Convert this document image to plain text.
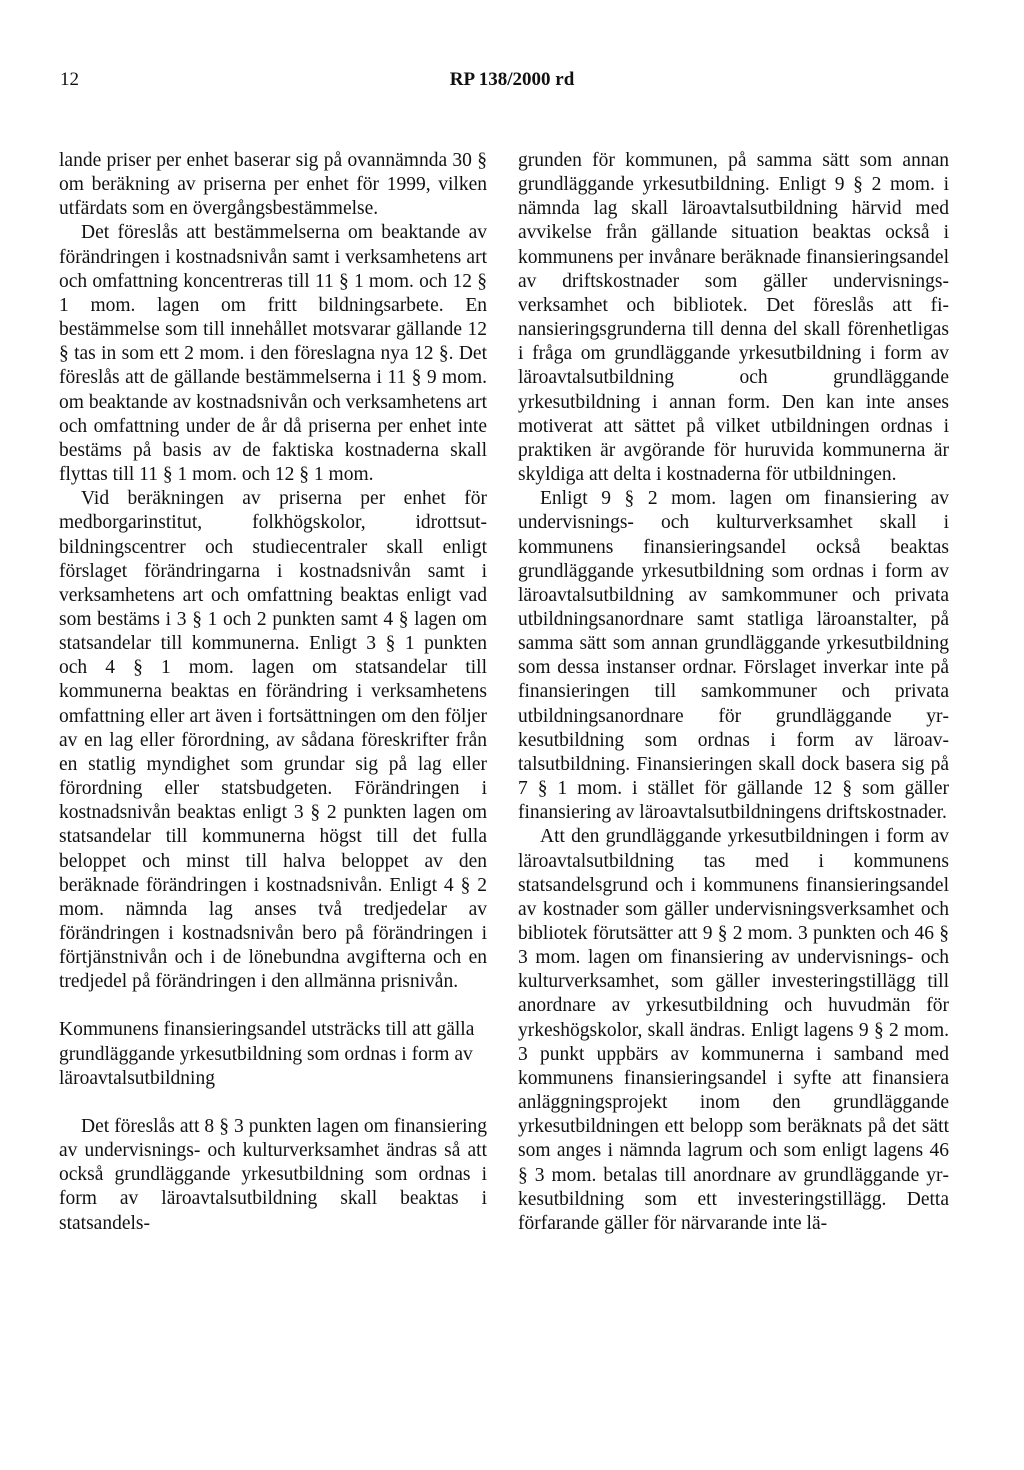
12	RP 138/2000 rd

lande priser per enhet baserar sig på ovannämnda 30 § om beräkning av priserna per enhet för 1999, vilken utfärdats som en övergångsbestämmelse.

Det föreslås att bestämmelserna om beaktande av förändringen i kostnadsnivån samt i verksamhetens art och omfattning koncentreras till 11 § 1 mom. och 12 § 1 mom. lagen om fritt bildningsarbete. En bestämmelse som till innehållet motsvarar gällande 12 § tas in som ett 2 mom. i den föreslagna nya 12 §. Det föreslås att de gällande bestämmelserna i 11 § 9 mom. om beaktande av kostnadsnivån och verksamhetens art och omfattning under de år då priserna per enhet inte bestäms på basis av de faktiska kostnaderna skall flyttas till 11 § 1 mom. och 12 § 1 mom.

Vid beräkningen av priserna per enhet för medborgarinstitut, folkhögskolor, idrottsutbildningscentrer och studiecentraler skall enligt förslaget förändringarna i kostnadsnivån samt i verksamhetens art och omfattning beaktas enligt vad som bestäms i 3 § 1 och 2 punkten samt 4 § lagen om statsandelar till kommunerna. Enligt 3 § 1 punkten och 4 § 1 mom. lagen om statsandelar till kommunerna beaktas en förändring i verksamhetens omfattning eller art även i fortsättningen om den följer av en lag eller förordning, av sådana föreskrifter från en statlig myndighet som grundar sig på lag eller förordning eller statsbudgeten. Förändringen i kostnadsnivån beaktas enligt 3 § 2 punkten lagen om statsandelar till kommunerna högst till det fulla beloppet och minst till halva beloppet av den beräknade förändringen i kostnadsnivån. Enligt 4 § 2 mom. nämnda lag anses två tredjedelar av förändringen i kostnadsnivån bero på förändringen i förtjänstnivån och i de lönebundna avgifterna och en tredjedel på förändringen i den allmänna prisnivån.

Kommunens finansieringsandel utsträcks till att gälla grundläggande yrkesutbildning som ordnas i form av läroavtalsutbildning

Det föreslås att 8 § 3 punkten lagen om finansiering av undervisnings- och kulturverksamhet ändras så att också grundläggande yrkesutbildning som ordnas i form av läroavtalsutbildning skall beaktas i statsandels-

grunden för kommunen, på samma sätt som annan grundläggande yrkesutbildning. Enligt 9 § 2 mom. i nämnda lag skall läroavtalsutbildning härvid med avvikelse från gällande situation beaktas också i kommunens per invånare beräknade finansieringsandel av driftskostnader som gäller undervisningsverksamhet och bibliotek. Det föreslås att finansieringsgrunderna till denna del skall förenhetligas i fråga om grundläggande yrkesutbildning i form av läroavtalsutbildning och grundläggande yrkesutbildning i annan form. Den kan inte anses motiverat att sättet på vilket utbildningen ordnas i praktiken är avgörande för huruvida kommunerna är skyldiga att delta i kostnaderna för utbildningen.

Enligt 9 § 2 mom. lagen om finansiering av undervisnings- och kulturverksamhet skall i kommunens finansieringsandel också beaktas grundläggande yrkesutbildning som ordnas i form av läroavtalsutbildning av samkommuner och privata utbildningsanordnare samt statliga läroanstalter, på samma sätt som annan grundläggande yrkesutbildning som dessa instanser ordnar. Förslaget inverkar inte på finansieringen till samkommuner och privata utbildningsanordnare för grundläggande yrkesutbildning som ordnas i form av läroavtalsutbildning. Finansieringen skall dock basera sig på 7 § 1 mom. i stället för gällande 12 § som gäller finansiering av läroavtalsutbildningens driftskostnader.

Att den grundläggande yrkesutbildningen i form av läroavtalsutbildning tas med i kommunens statsandelsgrund och i kommunens finansieringsandel av kostnader som gäller undervisningsverksamhet och bibliotek förutsätter att 9 § 2 mom. 3 punkten och 46 § 3 mom. lagen om finansiering av undervisnings- och kulturverksamhet, som gäller investeringstillägg till anordnare av yrkesutbildning och huvudmän för yrkeshögskolor, skall ändras. Enligt lagens 9 § 2 mom. 3 punkt uppbärs av kommunerna i samband med kommunens finansieringsandel i syfte att finansiera anläggningsprojekt inom den grundläggande yrkesutbildningen ett belopp som beräknats på det sätt som anges i nämnda lagrum och som enligt lagens 46 § 3 mom. betalas till anordnare av grundläggande yrkesutbildning som ett investeringstillägg. Detta förfarande gäller för närvarande inte lä-
